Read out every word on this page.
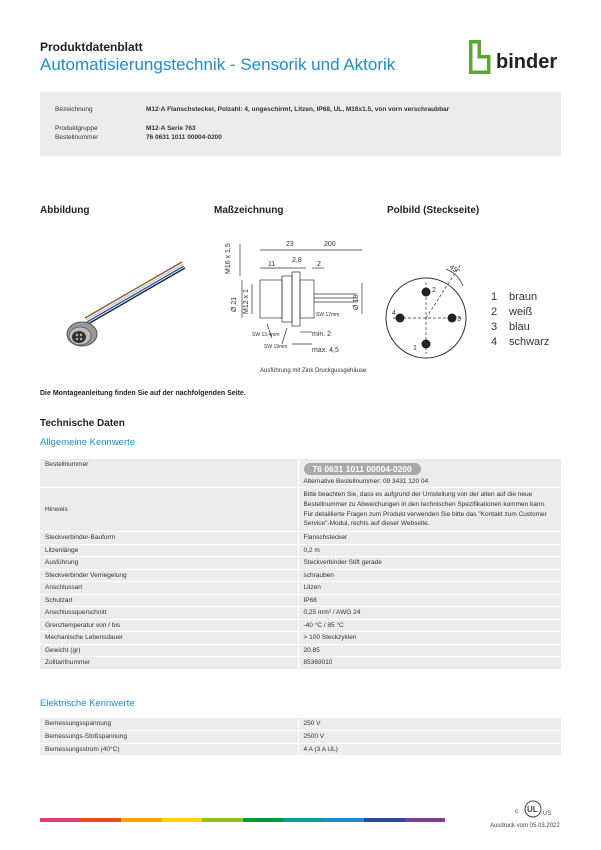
Produktdatenblatt
Automatisierungstechnik - Sensorik und Aktorik	binder
Bezeichnung	M12-A Flanschstecker, Polzahl: 4, ungeschirmt, Litzen, IP68, UL, M16x1.5, von vorn verschraubbar
Produktgruppe	M12-A Serie 763
Bestellnummer	76 0631 1011 00004-0200
Abbildung	Maßzeichnung	Polbild (Steckseite)
M16 x 1,5	23	200
11
2,8
2
Ø 21 M12 x 1	Ø 18
SW 17mm
SW 13,4mm
SW 19mm
min. 2
max. 4,5
Ausführung mit Zink Druckgussgehäuse
45°
1
2
3
4
1 braun
2 weiß
3 blau
4 schwarz
Die Montageanleitung finden Sie auf der nachfolgenden Seite.
Technische Daten
Allgemeine Kennwerte
Bestellnummer	76 0631 1011 00004-0200
Alternative Bestellnummer: 09 3431 120 04
Hinweis	Bitte beachten Sie, dass es aufgrund der Umstellung von der alten auf die neue Bestellnummer zu Abweichungen in den technischen Spezifikationen kommen kann. Für detaillierte Fragen zum Produkt verwenden Sie bitte das "Kontakt zum Customer Service"-Modul, rechts auf dieser Webseite.
Steckverbinder-Bauform	Flanschstecker
Litzenlänge	0,2 m
Ausführung	Steckverbinder Stift gerade
Steckverbinder Verriegelung	schrauben
Anschlussart	Litzen
Schutzart	IP68
Anschlussquerschnitt	0,25 mm² / AWG 24
Grenztemperatur von / bis	-40 °C / 85 °C
Mechanische Lebensdauer	> 100 Steckzyklen
Gewicht (gr)	20.85
Zolltarifnummer	85369010
Elektrische Kennwerte
Bemessungsspannung	250 V
Bemessungs-Stoßspannung	2500 V
Bemessungsstrom (40°C)	4 A (3 A UL)
c UL US
Ausdruck vom 05.03.2022
